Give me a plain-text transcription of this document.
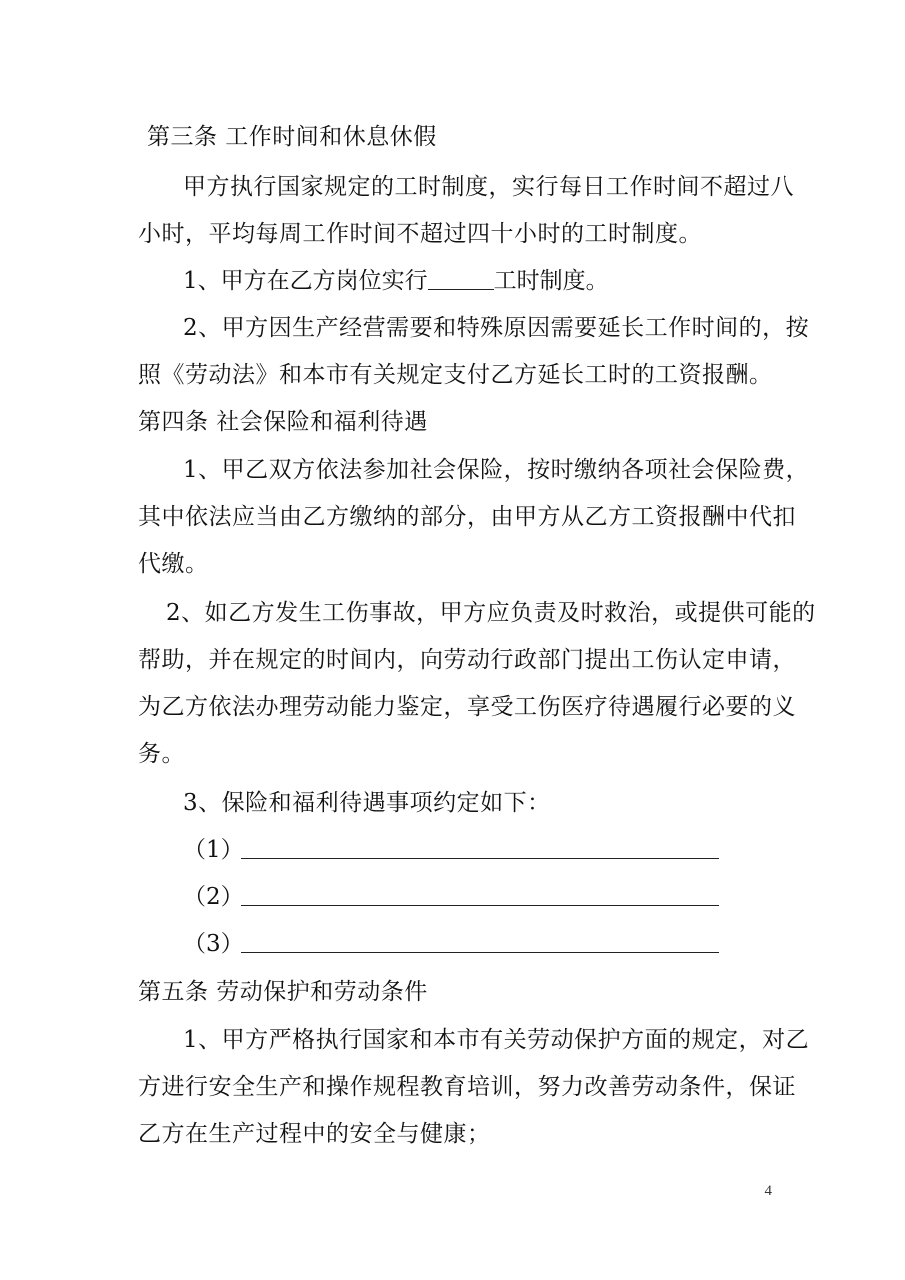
第三条 工作时间和休息休假
甲方执行国家规定的工时制度，实行每日工作时间不超过八
小时，平均每周工作时间不超过四十小时的工时制度。
1、甲方在乙方岗位实行	工时制度。
2、甲方因生产经营需要和特殊原因需要延长工作时间的，按
照《劳动法》和本市有关规定支付乙方延长工时的工资报酬。
第四条 社会保险和福利待遇
1、甲乙双方依法参加社会保险，按时缴纳各项社会保险费，
其中依法应当由乙方缴纳的部分，由甲方从乙方工资报酬中代扣
代缴。
2、如乙方发生工伤事故，甲方应负责及时救治，或提供可能的
帮助，并在规定的时间内，向劳动行政部门提出工伤认定申请，
为乙方依法办理劳动能力鉴定，享受工伤医疗待遇履行必要的义
务。
3、保险和福利待遇事项约定如下：
（1）
（2）
（3）
第五条 劳动保护和劳动条件
1、甲方严格执行国家和本市有关劳动保护方面的规定，对乙
方进行安全生产和操作规程教育培训，努力改善劳动条件，保证
乙方在生产过程中的安全与健康；
4
